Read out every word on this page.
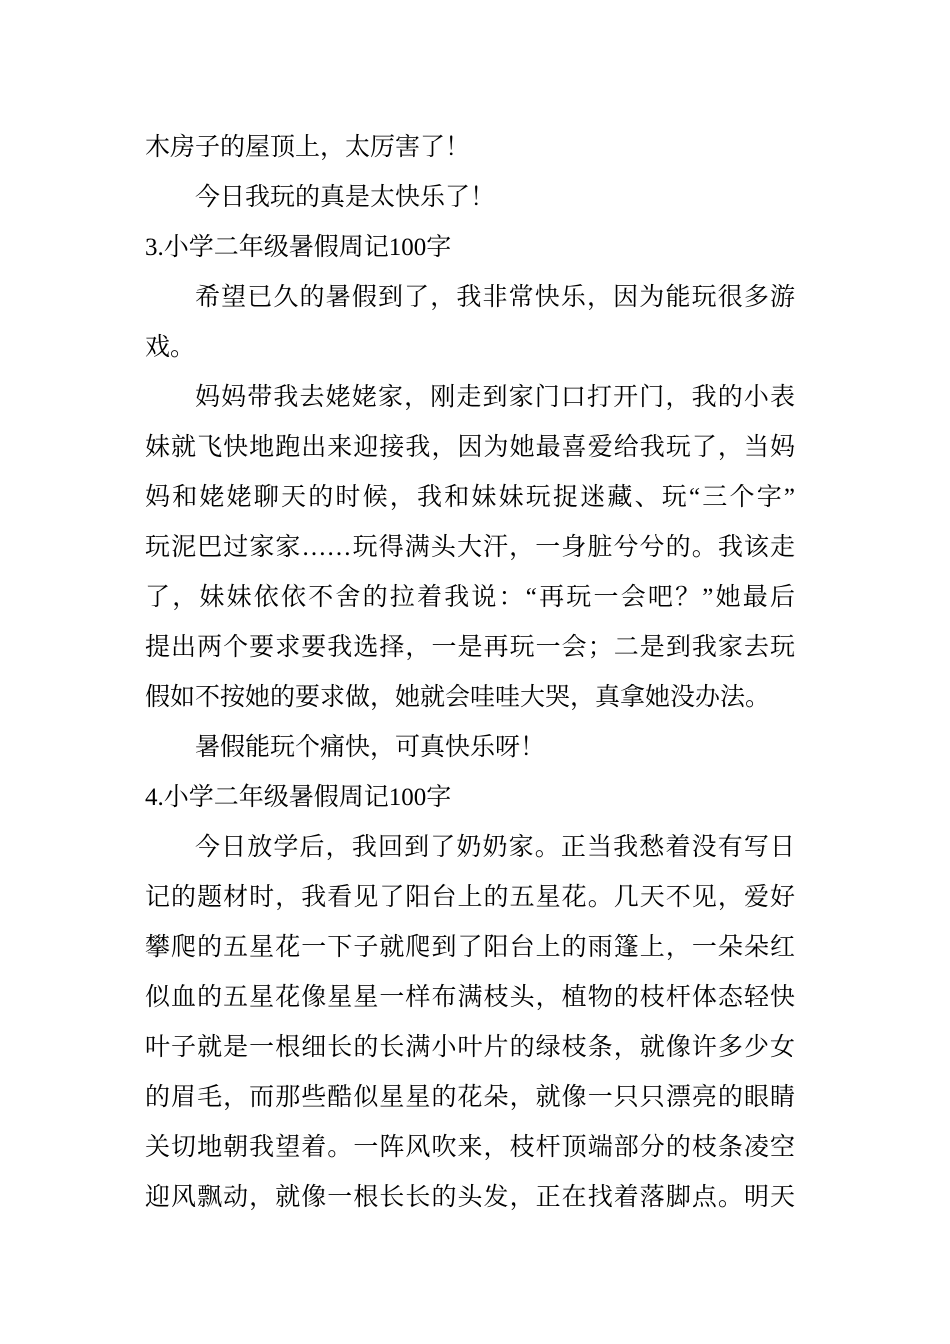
木房子的屋顶上，太厉害了！
今日我玩的真是太快乐了！
3.小学二年级暑假周记100字
希望已久的暑假到了，我非常快乐，因为能玩很多游
戏。
妈妈带我去姥姥家，刚走到家门口打开门，我的小表
妹就飞快地跑出来迎接我，因为她最喜爱给我玩了，当妈
妈和姥姥聊天的时候，我和妹妹玩捉迷藏、玩“三个字”
玩泥巴过家家……玩得满头大汗，一身脏兮兮的。我该走
了，妹妹依依不舍的拉着我说：“再玩一会吧？”她最后
提出两个要求要我选择，一是再玩一会；二是到我家去玩
假如不按她的要求做，她就会哇哇大哭，真拿她没办法。
暑假能玩个痛快，可真快乐呀！
4.小学二年级暑假周记100字
今日放学后，我回到了奶奶家。正当我愁着没有写日
记的题材时，我看见了阳台上的五星花。几天不见，爱好
攀爬的五星花一下子就爬到了阳台上的雨篷上，一朵朵红
似血的五星花像星星一样布满枝头，植物的枝杆体态轻快
叶子就是一根细长的长满小叶片的绿枝条，就像许多少女
的眉毛，而那些酷似星星的花朵，就像一只只漂亮的眼睛
关切地朝我望着。一阵风吹来，枝杆顶端部分的枝条凌空
迎风飘动，就像一根长长的头发，正在找着落脚点。明天
